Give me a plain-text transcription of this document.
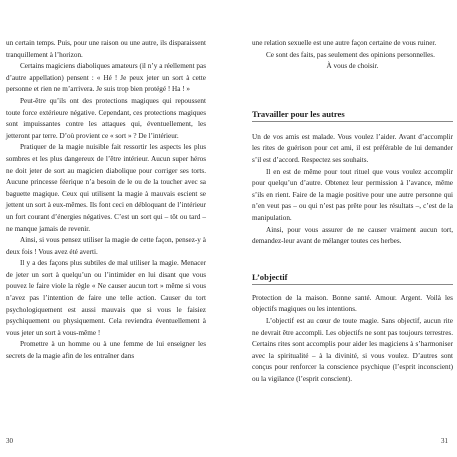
un certain temps. Puis, pour une raison ou une autre, ils disparaissent tranquillement à l’horizon.

Certains magiciens diaboliques amateurs (il n’y a réellement pas d’autre appellation) pensent : « Hé ! Je peux jeter un sort à cette personne et rien ne m’arrivera. Je suis trop bien protégé ! Ha ! »

Peut-être qu’ils ont des protections magiques qui repoussent toute force extérieure négative. Cependant, ces protections magiques sont impuissantes contre les attaques qui, éventuellement, les jetteront par terre. D’où provient ce « sort » ? De l’intérieur.

Pratiquer de la magie nuisible fait ressortir les aspects les plus sombres et les plus dangereux de l’être intérieur. Aucun super héros ne doit jeter de sort au magicien diabolique pour corriger ses torts. Aucune princesse féerique n’a besoin de le ou de la toucher avec sa baguette magique. Ceux qui utilisent la magie à mauvais escient se jettent un sort à eux-mêmes. Ils font ceci en débloquant de l’intérieur un fort courant d’énergies négatives. C’est un sort qui – tôt ou tard – ne manque jamais de revenir.

Ainsi, si vous pensez utiliser la magie de cette façon, pensez-y à deux fois ! Vous avez été averti.

Il y a des façons plus subtiles de mal utiliser la magie. Menacer de jeter un sort à quelqu’un ou l’intimider en lui disant que vous pouvez le faire viole la règle « Ne causer aucun tort » même si vous n’avez pas l’intention de faire une telle action. Causer du tort psychologiquement est aussi mauvais que si vous le faisiez psychiquement ou physiquement. Cela reviendra éventuellement à vous jeter un sort à vous-même !

Promettre à un homme ou à une femme de lui enseigner les secrets de la magie afin de les entraîner dans

une relation sexuelle est une autre façon certaine de vous ruiner.

Ce sont des faits, pas seulement des opinions personnelles.

À vous de choisir.

Travailler pour les autres

Un de vos amis est malade. Vous voulez l’aider. Avant d’accomplir les rites de guérison pour cet ami, il est préférable de lui demander s’il est d’accord. Respectez ses souhaits.

Il en est de même pour tout rituel que vous voulez accomplir pour quelqu’un d’autre. Obtenez leur permission à l’avance, même s’ils en rient. Faire de la magie positive pour une autre personne qui n’en veut pas – ou qui n’est pas prête pour les résultats –, c’est de la manipulation.

Ainsi, pour vous assurer de ne causer vraiment aucun tort, demandez-leur avant de mélanger toutes ces herbes.

L’objectif

Protection de la maison. Bonne santé. Amour. Argent. Voilà les objectifs magiques ou les intentions.

L’objectif est au cœur de toute magie. Sans objectif, aucun rite ne devrait être accompli. Les objectifs ne sont pas toujours terrestres. Certains rites sont accomplis pour aider les magiciens à s’harmoniser avec la spiritualité – à la divinité, si vous voulez. D’autres sont conçus pour renforcer la conscience psychique (l’esprit inconscient) ou la vigilance (l’esprit conscient).

30	31
